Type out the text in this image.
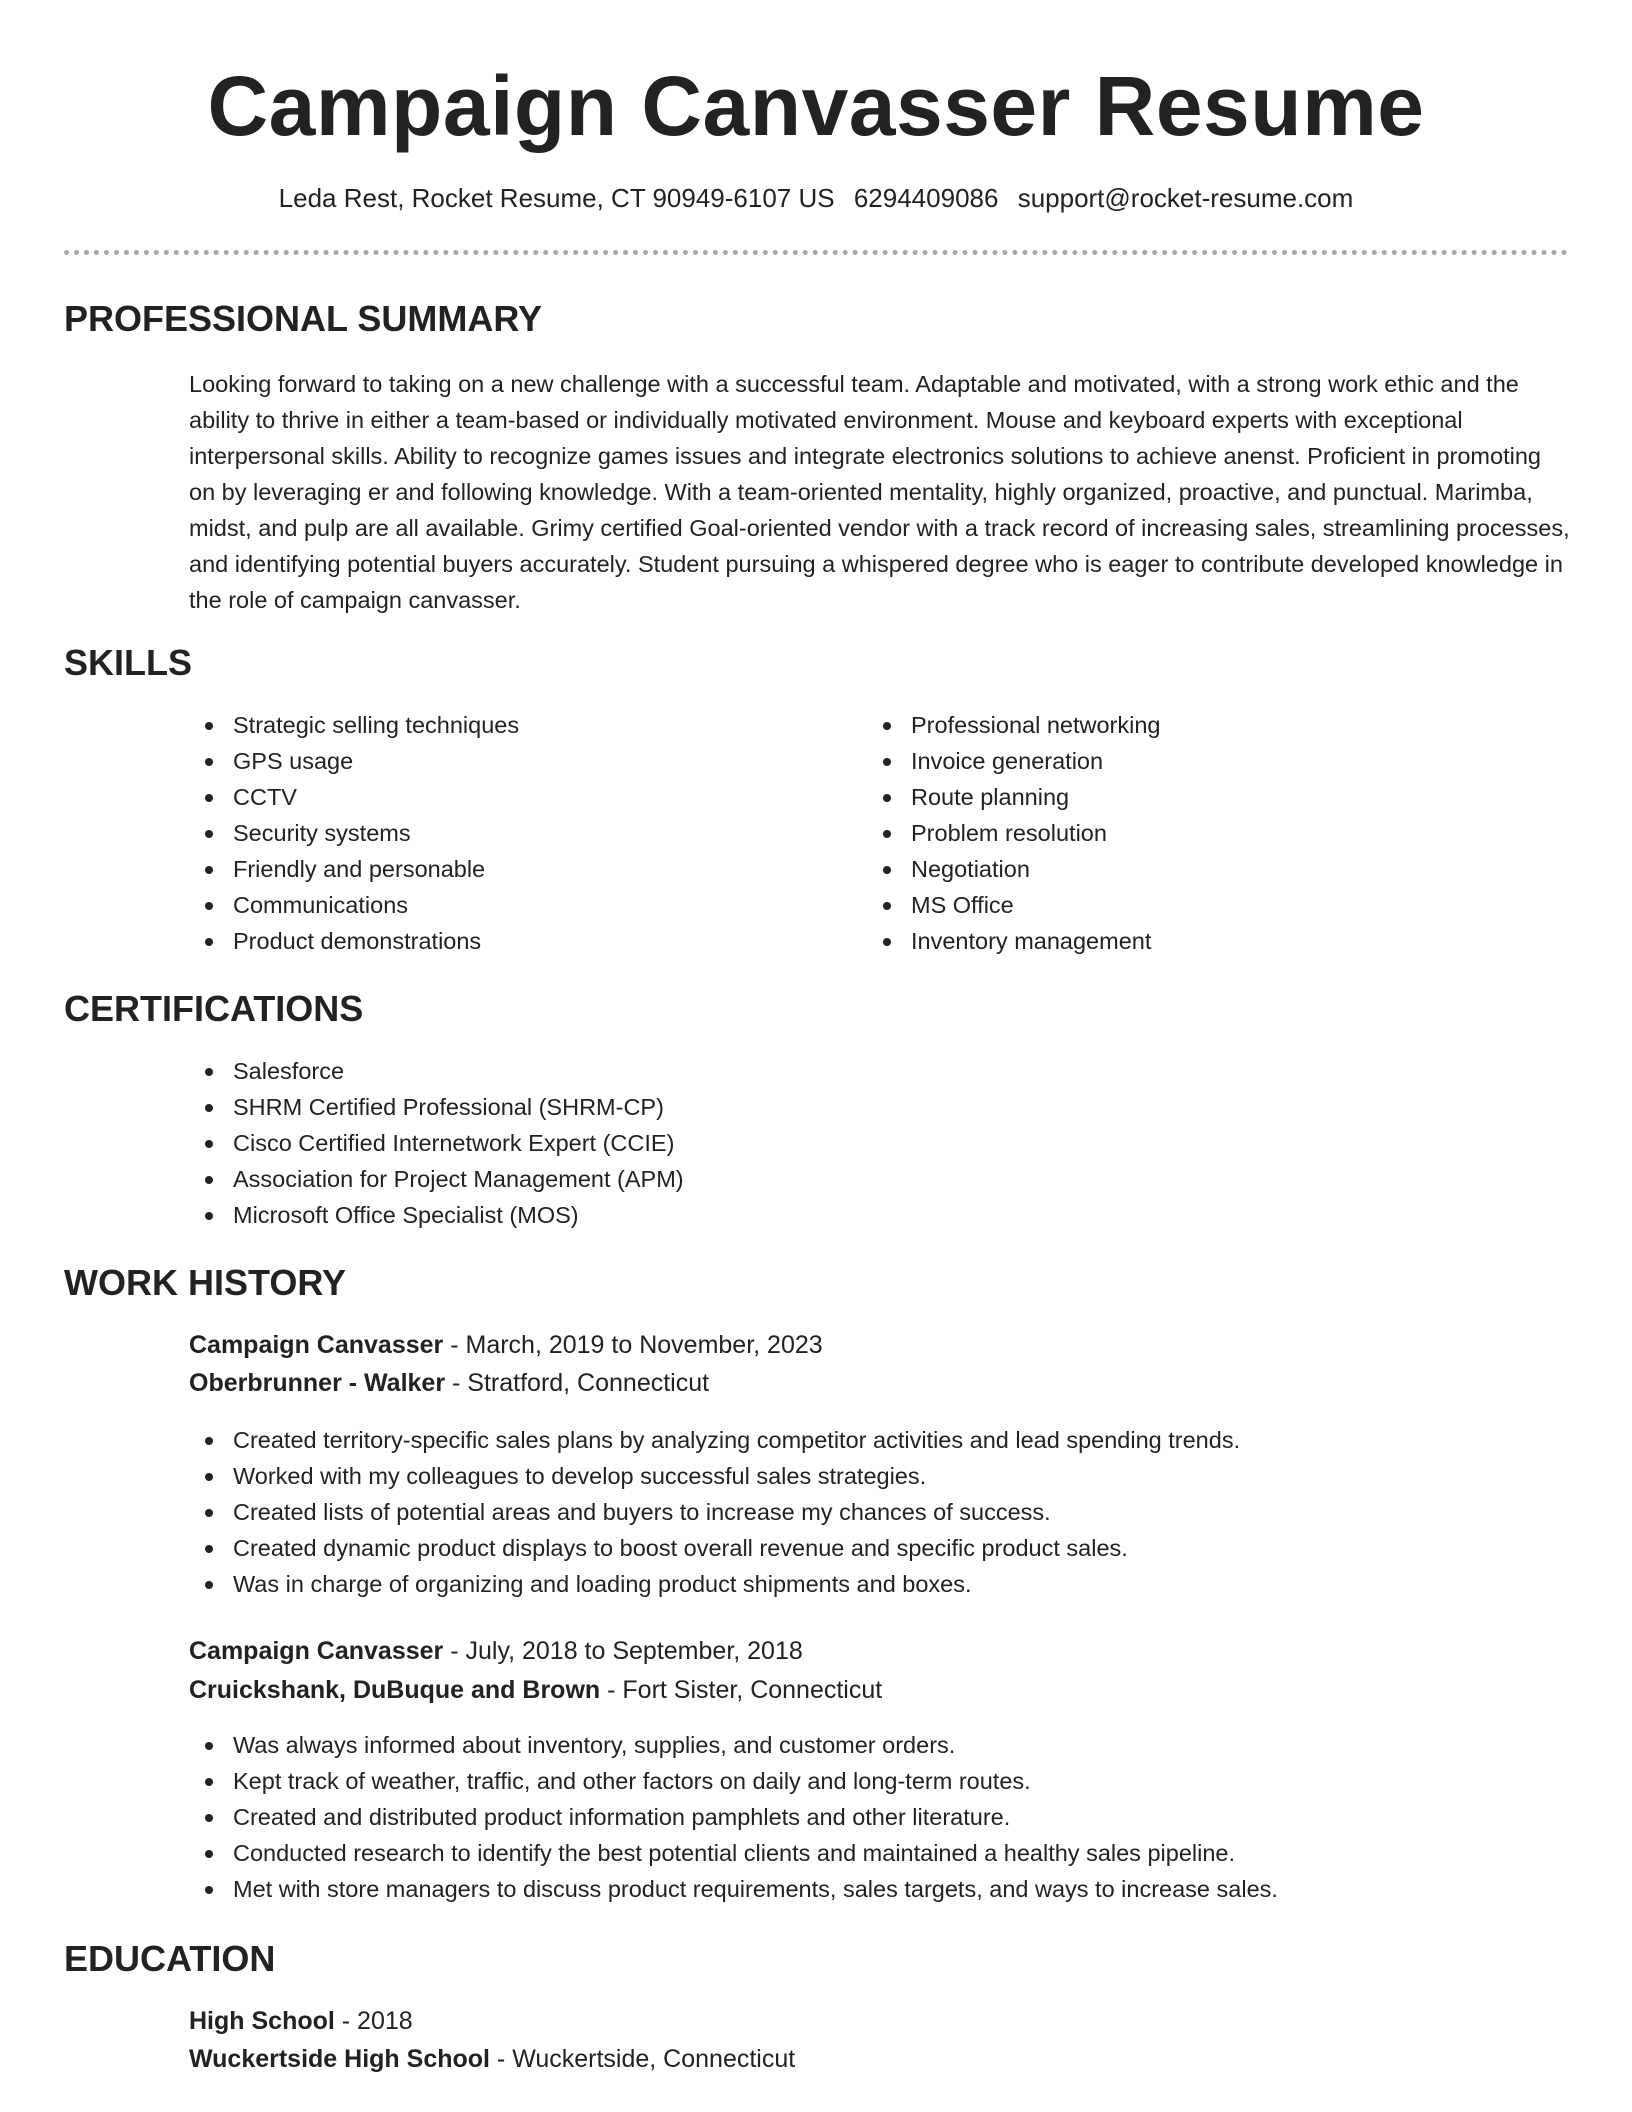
Campaign Canvasser Resume
Leda Rest, Rocket Resume, CT 90949-6107 US 6294409086 support@rocket-resume.com
PROFESSIONAL SUMMARY

Looking forward to taking on a new challenge with a successful team. Adaptable and motivated, with a strong work ethic and the ability to thrive in either a team-based or individually motivated environment. Mouse and keyboard experts with exceptional interpersonal skills. Ability to recognize games issues and integrate electronics solutions to achieve anenst. Proficient in promoting on by leveraging er and following knowledge. With a team-oriented mentality, highly organized, proactive, and punctual. Marimba, midst, and pulp are all available. Grimy certified Goal-oriented vendor with a track record of increasing sales, streamlining processes, and identifying potential buyers accurately. Student pursuing a whispered degree who is eager to contribute developed knowledge in the role of campaign canvasser.

SKILLS
Strategic selling techniques
GPS usage
CCTV
Security systems
Friendly and personable
Communications
Product demonstrations
Professional networking
Invoice generation
Route planning
Problem resolution
Negotiation
MS Office
Inventory management
CERTIFICATIONS
Salesforce
SHRM Certified Professional (SHRM-CP)
Cisco Certified Internetwork Expert (CCIE)
Association for Project Management (APM)
Microsoft Office Specialist (MOS)
WORK HISTORY
Campaign Canvasser - March, 2019 to November, 2023
Oberbrunner - Walker - Stratford, Connecticut
Created territory-specific sales plans by analyzing competitor activities and lead spending trends.
Worked with my colleagues to develop successful sales strategies.
Created lists of potential areas and buyers to increase my chances of success.
Created dynamic product displays to boost overall revenue and specific product sales.
Was in charge of organizing and loading product shipments and boxes.
Campaign Canvasser - July, 2018 to September, 2018
Cruickshank, DuBuque and Brown - Fort Sister, Connecticut
Was always informed about inventory, supplies, and customer orders.
Kept track of weather, traffic, and other factors on daily and long-term routes.
Created and distributed product information pamphlets and other literature.
Conducted research to identify the best potential clients and maintained a healthy sales pipeline.
Met with store managers to discuss product requirements, sales targets, and ways to increase sales.
EDUCATION
High School - 2018
Wuckertside High School - Wuckertside, Connecticut
